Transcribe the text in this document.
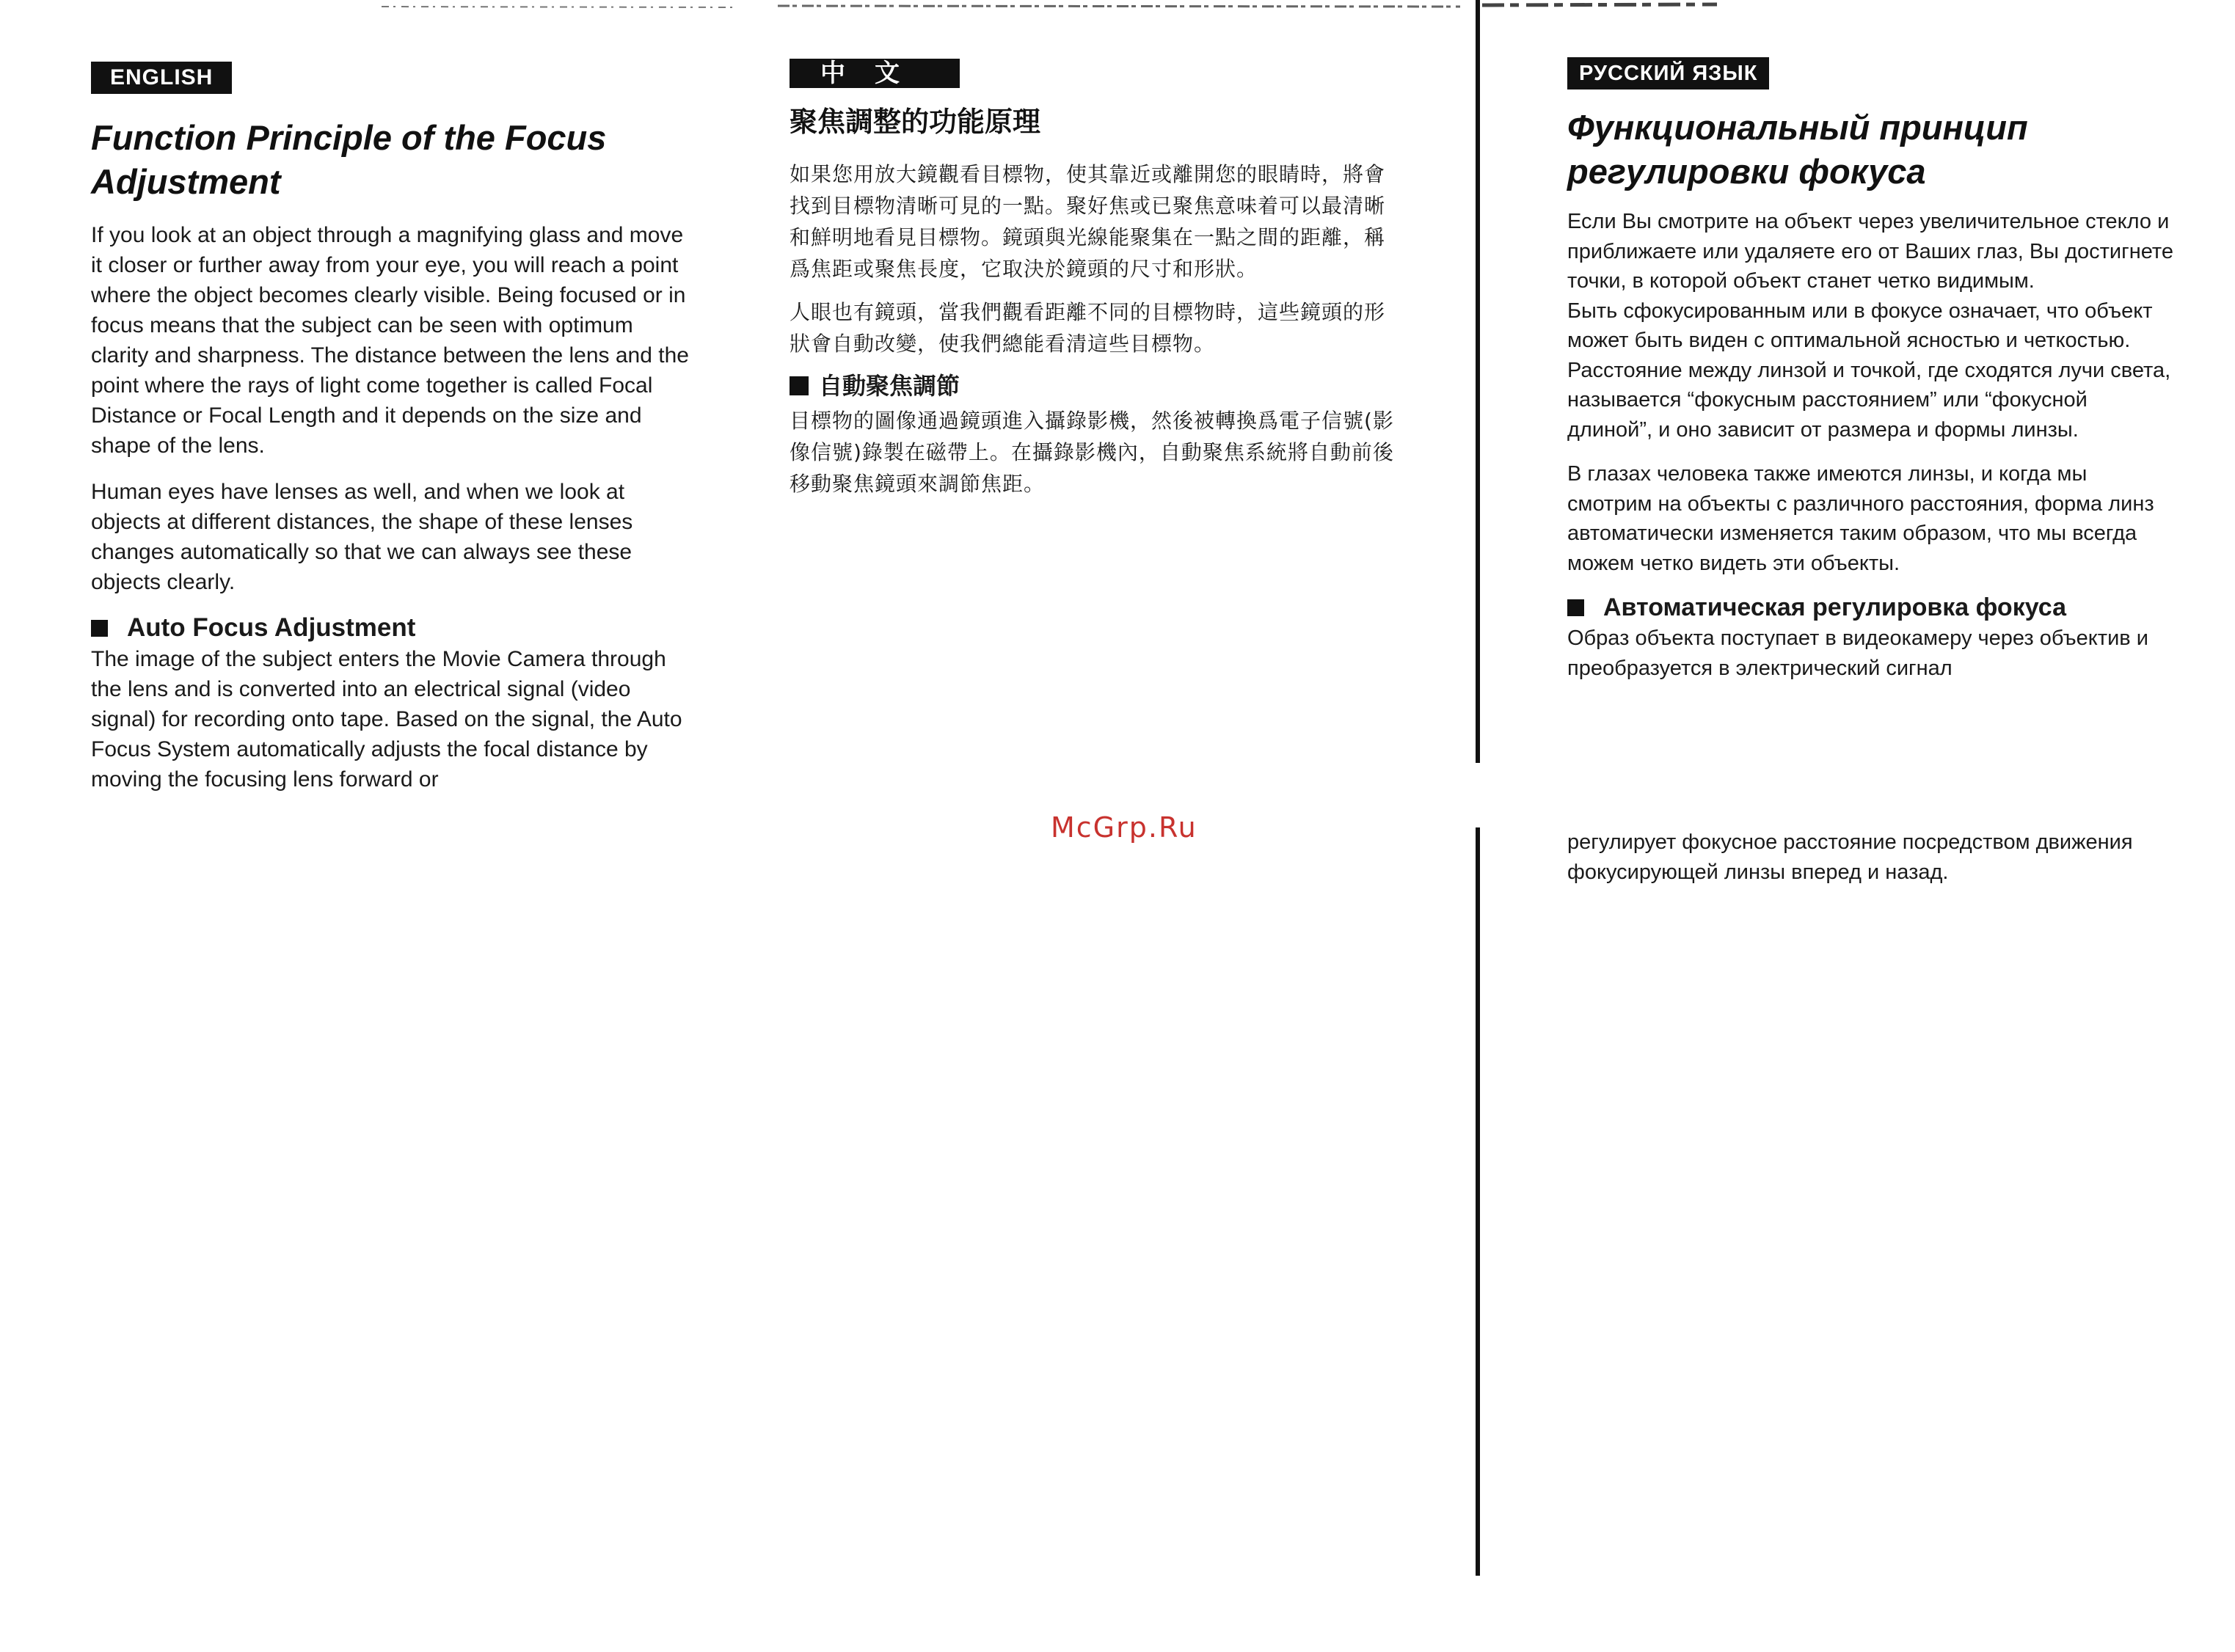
ENGLISH
Function Principle of the Focus
Adjustment

If you look at an object through a magnifying glass and move it closer or further away from your eye, you will reach a point where the object becomes clearly visible. Being focused or in focus means that the subject can be seen with optimum clarity and sharpness. The distance between the lens and the point where the rays of light come together is called Focal Distance or Focal Length and it depends on the size and shape of the lens.

Human eyes have lenses as well, and when we look at objects at different distances, the shape of these lenses changes automatically so that we can always see these objects clearly.

Auto Focus Adjustment

The image of the subject enters the Movie Camera through the lens and is converted into an electrical signal (video signal) for recording onto tape. Based on the signal, the Auto Focus System automatically adjusts the focal distance by moving the focusing lens forward or

中文
聚焦調整的功能原理

如果您用放大鏡觀看目標物，使其靠近或離開您的眼睛時，將會找到目標物清晰可見的一點。聚好焦或已聚焦意味着可以最清晰和鮮明地看見目標物。鏡頭與光線能聚集在一點之間的距離，稱爲焦距或聚焦長度，它取決於鏡頭的尺寸和形狀。

人眼也有鏡頭，當我們觀看距離不同的目標物時，這些鏡頭的形狀會自動改變，使我們總能看清這些目標物。

自動聚焦調節

目標物的圖像通過鏡頭進入攝錄影機，然後被轉換爲電子信號(影像信號)錄製在磁帶上。在攝錄影機內，自動聚焦系統將自動前後移動聚焦鏡頭來調節焦距。

РУССКИЙ ЯЗЫК
Функциональный принцип
регулировки фокуса

Если Вы смотрите на объект через увеличительное стекло и приближаете или удаляете его от Ваших глаз, Вы достигнете точки, в которой объект станет четко видимым.

Быть сфокусированным или в фокусе означает, что объект может быть виден с оптимальной ясностью и четкостью. Расстояние между линзой и точкой, где сходятся лучи света, называется “фокусным расстоянием” или “фокусной длиной”, и оно зависит от размера и формы линзы.

В глазах человека также имеются линзы, и когда мы смотрим на объекты с различного расстояния, форма линз автоматически изменяется таким образом, что мы всегда можем четко видеть эти объекты.

Автоматическая регулировка фокуса

Образ объекта поступает в видеокамеру через объектив и преобразуется в электрический сигнал

регулирует фокусное расстояние посредством движения фокусирующей линзы вперед и назад.

McGrp.Ru
